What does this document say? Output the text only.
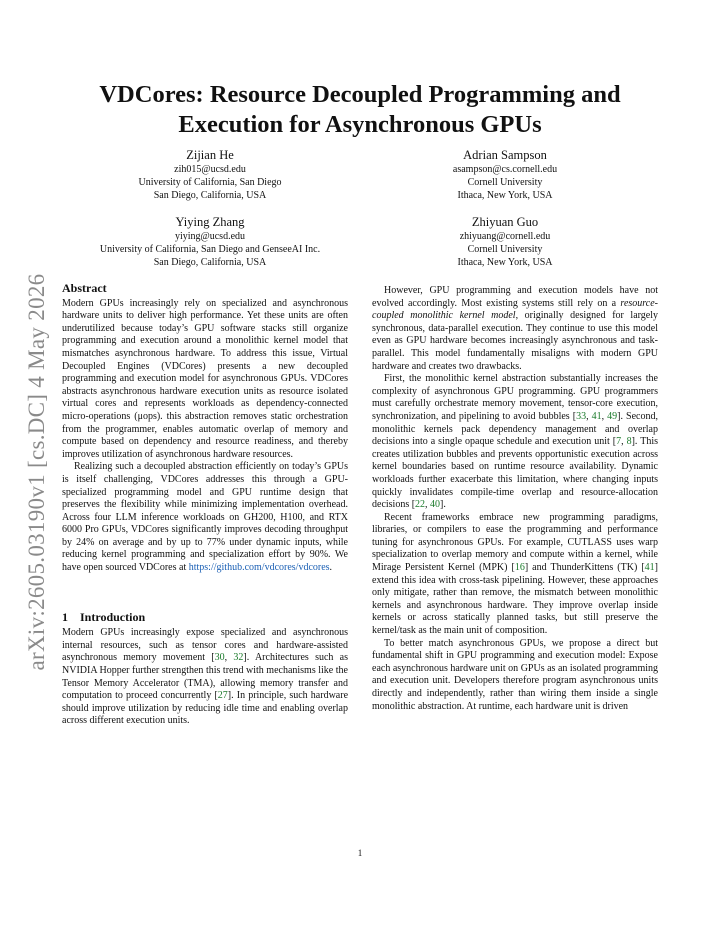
arXiv:2605.03190v1 [cs.DC] 4 May 2026
VDCores: Resource Decoupled Programming and
Execution for Asynchronous GPUs
Zijian He
zih015@ucsd.edu
University of California, San Diego
San Diego, California, USA
Adrian Sampson
asampson@cs.cornell.edu
Cornell University
Ithaca, New York, USA
Yiying Zhang
yiying@ucsd.edu
University of California, San Diego and GenseeAI Inc.
San Diego, California, USA
Zhiyuan Guo
zhiyuang@cornell.edu
Cornell University
Ithaca, New York, USA
Abstract

Modern GPUs increasingly rely on specialized and asynchronous hardware units to deliver high performance. Yet these units are often underutilized because today’s GPU software stacks still organize programming and execution around a monolithic kernel model that mismatches asynchronous hardware. To address this issue, Virtual Decoupled Engines (VDCores) presents a new decoupled programming and execution model for asynchronous GPUs. VDCores abstracts asynchronous hardware execution units as resource isolated virtual cores and represents workloads as dependency-connected micro-operations (μops). this abstraction removes static orchestration from the programmer, enables automatic overlap of memory and compute based on dependency and resource readiness, and thereby improves utilization of asynchronous hardware resources.

Realizing such a decoupled abstraction efficiently on today’s GPUs is itself challenging, VDCores addresses this through a GPU-specialized programming model and GPU runtime design that preserves the flexibility while minimizing implementation overhead. Across four LLM inference workloads on GH200, H100, and RTX 6000 Pro GPUs, VDCores significantly improves decoding throughput by 24% on average and by up to 77% under dynamic inputs, while reducing kernel programming and specialization effort by 90%. We have open sourced VDCores at https://github.com/vdcores/vdcores.

1 Introduction

Modern GPUs increasingly expose specialized and asynchronous internal resources, such as tensor cores and hardware-assisted asynchronous memory movement [30, 32]. Architectures such as NVIDIA Hopper further strengthen this trend with mechanisms like the Tensor Memory Accelerator (TMA), allowing memory transfer and computation to proceed concurrently [27]. In principle, such hardware should improve utilization by reducing idle time and enabling overlap across different execution units.

However, GPU programming and execution models have not evolved accordingly. Most existing systems still rely on a resource-coupled monolithic kernel model, originally designed for largely synchronous, data-parallel execution. They continue to use this model even as GPU hardware becomes increasingly asynchronous and task-parallel. This model fundamentally misaligns with modern GPU hardware and creates two drawbacks.

First, the monolithic kernel abstraction substantially increases the complexity of asynchronous GPU programming. GPU programmers must carefully orchestrate memory movement, tensor-core execution, synchronization, and pipelining to avoid bubbles [33, 41, 49]. Second, monolithic kernels pack dependency management and overlap decisions into a single opaque schedule and execution unit [7, 8]. This creates utilization bubbles and prevents opportunistic execution across kernel boundaries based on runtime resource availability. Dynamic workloads further exacerbate this limitation, where changing inputs quickly invalidates compile-time overlap and resource-allocation decisions [22, 40].

Recent frameworks embrace new programming paradigms, libraries, or compilers to ease the programming and performance tuning for asynchronous GPUs. For example, CUTLASS uses warp specialization to overlap memory and compute within a kernel, while Mirage Persistent Kernel (MPK) [16] and ThunderKittens (TK) [41] extend this idea with cross-task pipelining. However, these approaches only mitigate, rather than remove, the mismatch between monolithic kernels and asynchronous hardware. They improve overlap inside kernels or across statically planned tasks, but still preserve the kernel/task as the main unit of composition.

To better match asynchronous GPUs, we propose a direct but fundamental shift in GPU programming and execution model: Expose each asynchronous hardware unit on GPUs as an isolated programming and execution unit. Developers therefore program asynchronous units directly and independently, rather than wiring them inside a single monolithic abstraction. At runtime, each hardware unit is driven

1
